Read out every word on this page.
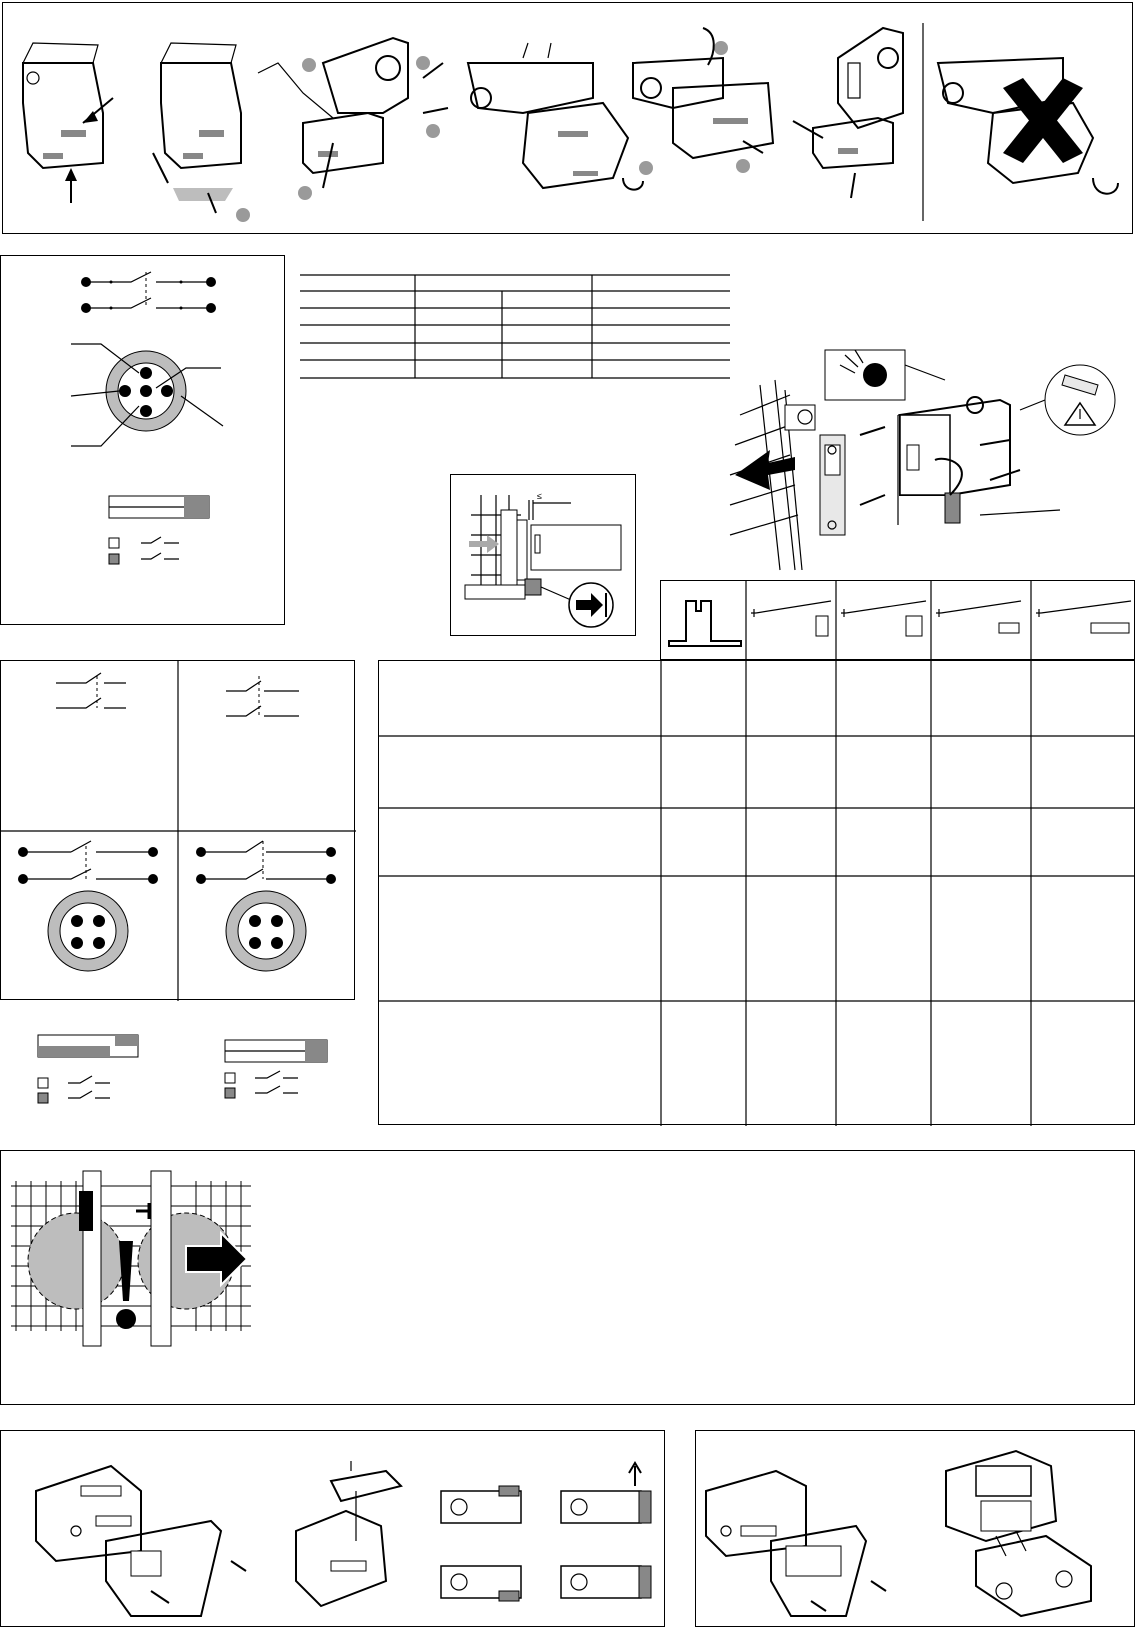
≤
